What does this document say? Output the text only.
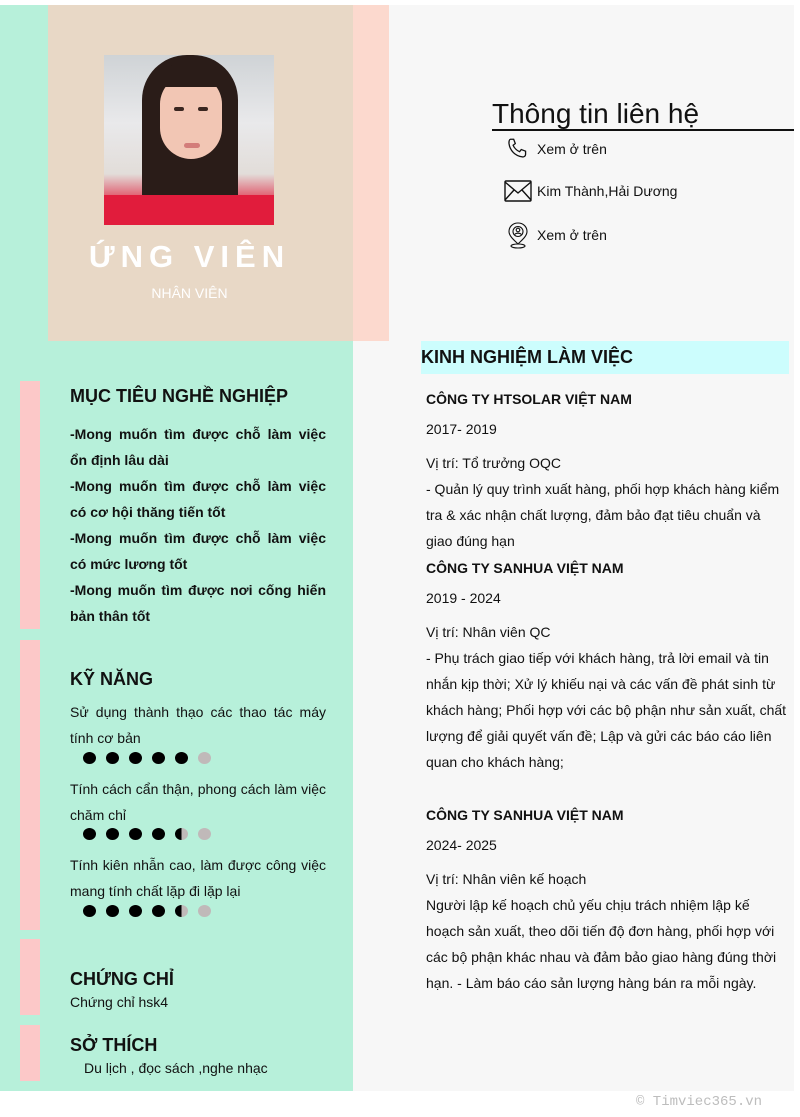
ỨNG VIÊN
NHÂN VIÊN
Thông tin liên hệ
Xem ở trên
Kim Thành,Hải Dương
Xem ở trên
MỤC TIÊU NGHỀ NGHIỆP
-Mong muốn tìm được chỗ làm việc ổn định lâu dài
-Mong muốn tìm được chỗ làm việc có cơ hội thăng tiến tốt
-Mong muốn tìm được chỗ làm việc có mức lương tốt
-Mong muốn tìm được nơi cống hiến bản thân tốt
KỸ NĂNG
Sử dụng thành thạo các thao tác máy tính cơ bản
Tính cách cẩn thận, phong cách làm việc chăm chỉ
Tính kiên nhẫn cao, làm được công việc mang tính chất lặp đi lặp lại
CHỨNG CHỈ
Chứng chỉ hsk4
SỞ THÍCH
Du lịch , đọc sách ,nghe nhạc
KINH NGHIỆM LÀM VIỆC
CÔNG TY HTSOLAR VIỆT NAM
2017- 2019
Vị trí: Tổ trưởng OQC
- Quản lý quy trình xuất hàng, phối hợp khách hàng kiểm tra & xác nhận chất lượng, đảm bảo đạt tiêu chuẩn và giao đúng hạn
CÔNG TY SANHUA VIỆT NAM
2019 - 2024
Vị trí: Nhân viên QC
- Phụ trách giao tiếp với khách hàng, trả lời email và tin nhắn kịp thời; Xử lý khiếu nại và các vấn đề phát sinh từ khách hàng; Phối hợp với các bộ phận như sản xuất, chất lượng để giải quyết vấn đề; Lập và gửi các báo cáo liên quan cho khách hàng;
CÔNG TY SANHUA VIỆT NAM
2024- 2025
Vị trí: Nhân viên kế hoạch
Người lập kế hoạch chủ yếu chịu trách nhiệm lập kế hoạch sản xuất, theo dõi tiến độ đơn hàng, phối hợp với các bộ phận khác nhau và đảm bảo giao hàng đúng thời hạn. - Làm báo cáo sản lượng hàng bán ra mỗi ngày.
© Timviec365.vn
